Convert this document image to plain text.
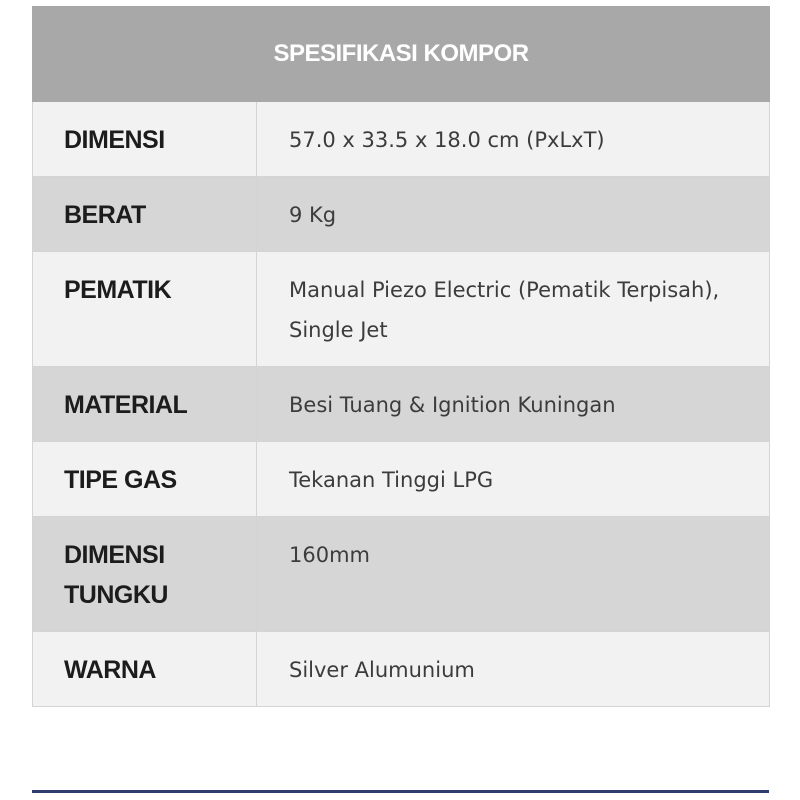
SPESIFIKASI KOMPOR	
DIMENSI	57.0 x 33.5 x 18.0 cm (PxLxT)
BERAT	9 Kg
PEMATIK	Manual Piezo Electric (Pematik Terpisah), Single Jet
MATERIAL	Besi Tuang & Ignition Kuningan
TIPE GAS	Tekanan Tinggi LPG
DIMENSI TUNGKU	160mm
WARNA	Silver Alumunium
